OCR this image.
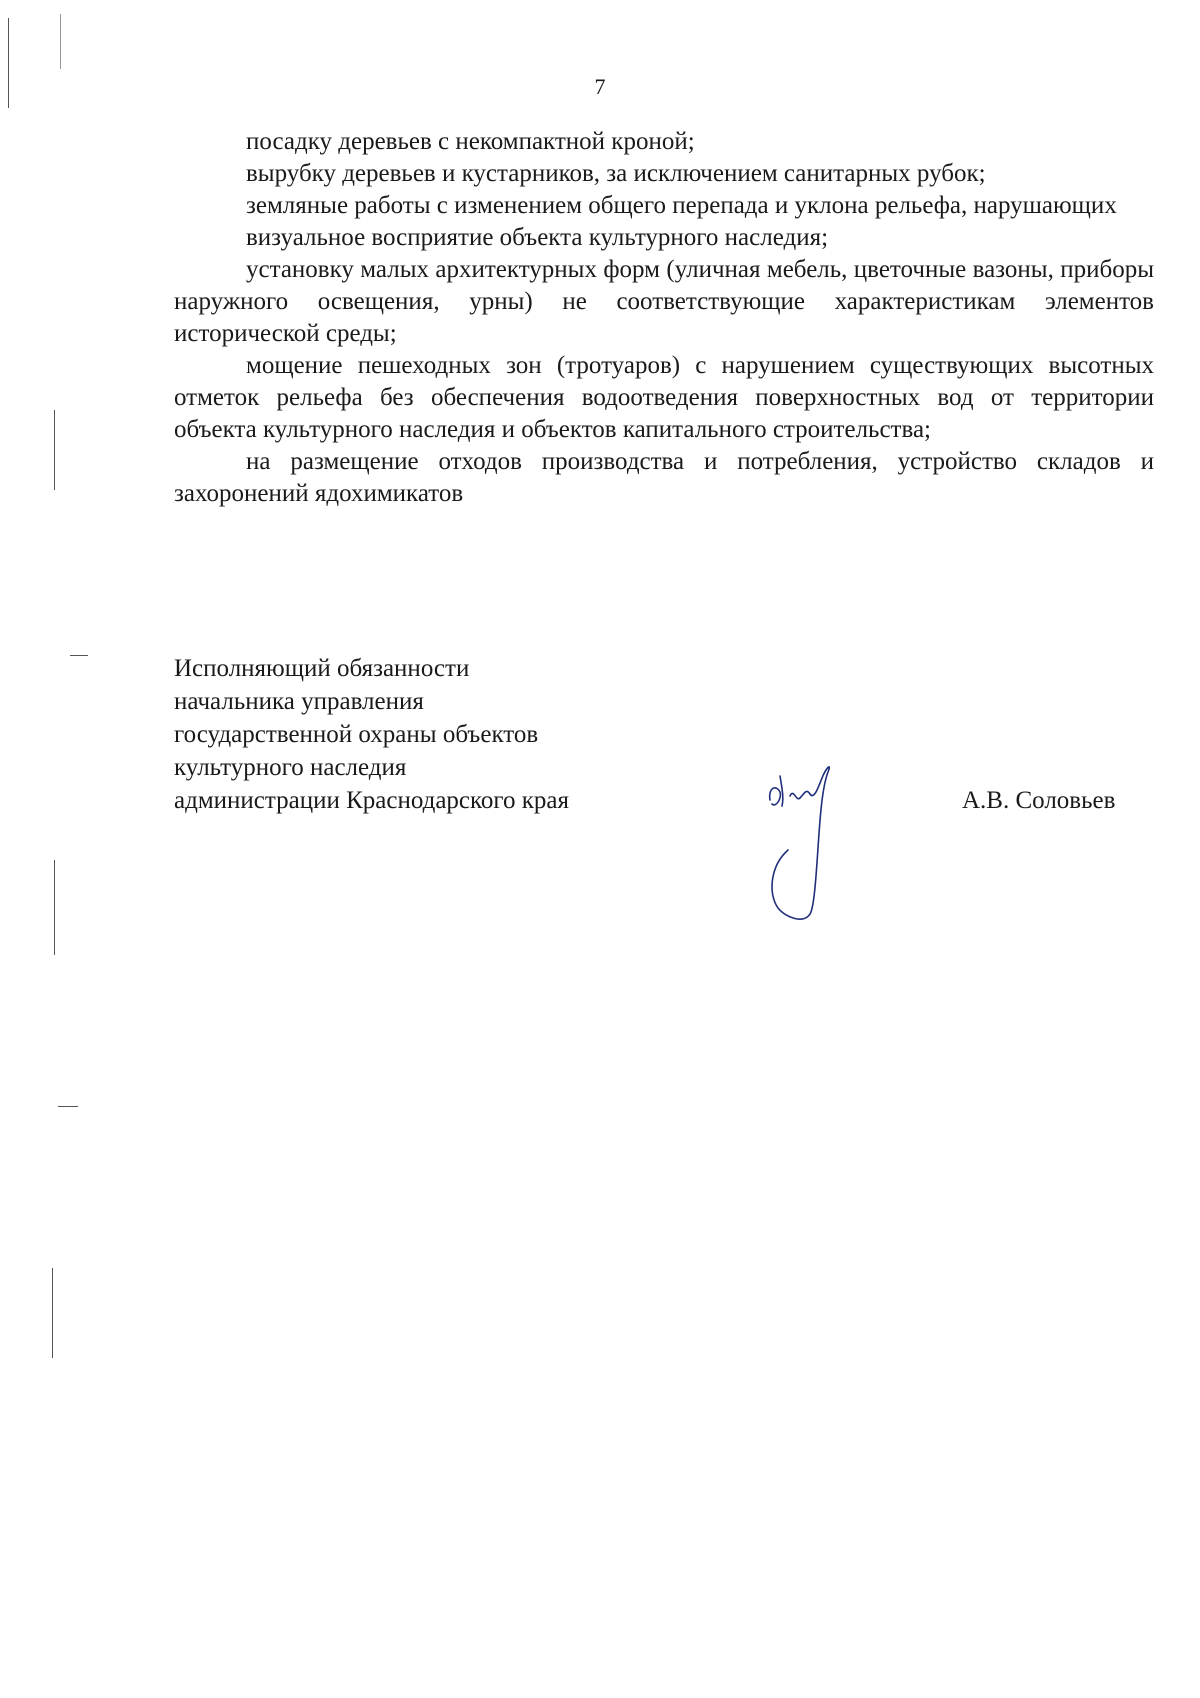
7

посадку деревьев с некомпактной кроной;

вырубку деревьев и кустарников, за исключением санитарных рубок;

земляные работы с изменением общего перепада и уклона рельефа, нарушающих

визуальное восприятие объекта культурного наследия;

установку малых архитектурных форм (уличная мебель, цветочные вазоны, приборы наружного освещения, урны) не соответствующие характеристикам элементов исторической среды;

мощение пешеходных зон (тротуаров) с нарушением существующих высотных отметок рельефа без обеспечения водоотведения поверхностных вод от территории объекта культурного наследия и объектов капитального строительства;

на размещение отходов производства и потребления, устройство складов и захоронений ядохимикатов

Исполняющий обязанности
начальника управления
государственной охраны объектов
культурного наследия
администрации Краснодарского края	А.В. Соловьев
